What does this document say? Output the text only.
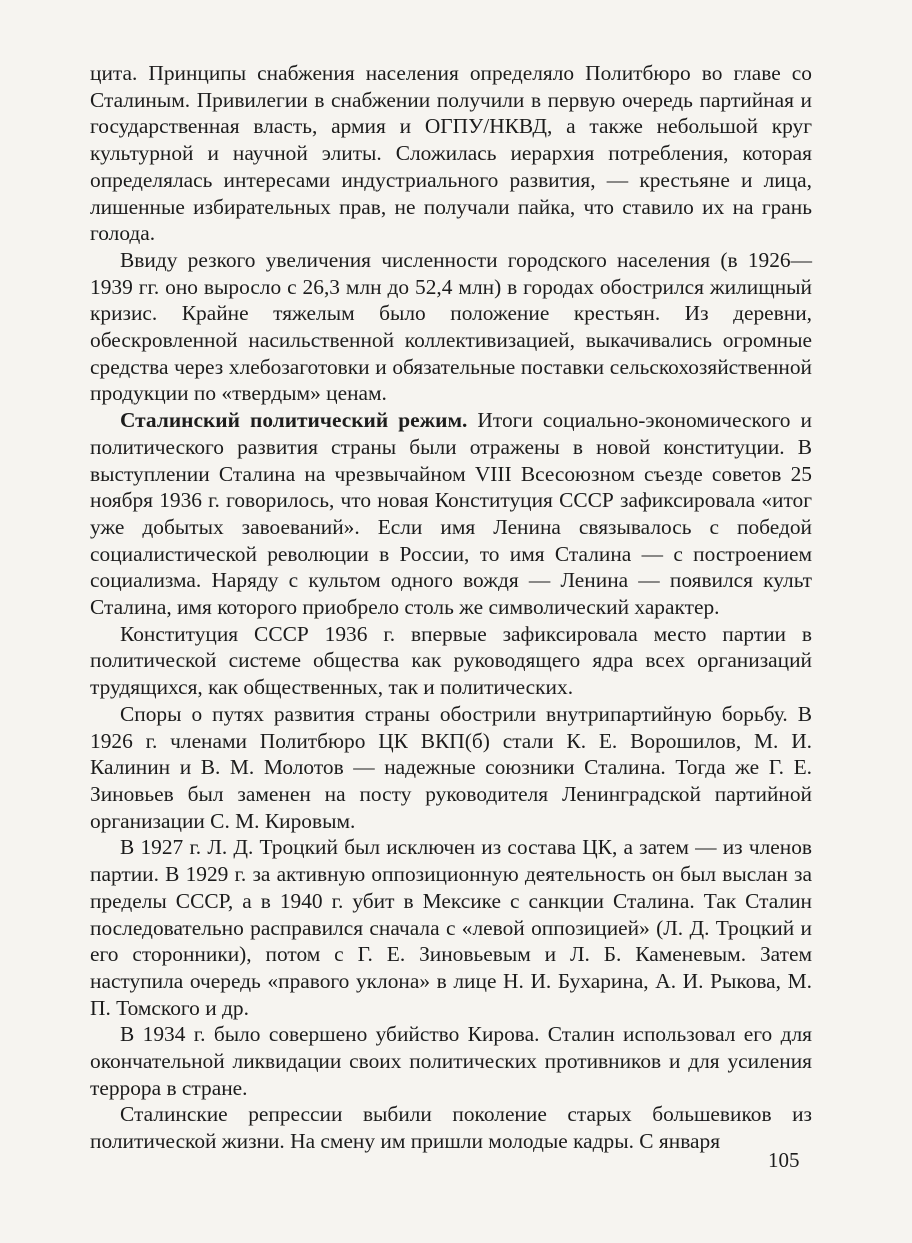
цита. Принципы снабжения населения определяло Политбюро во главе со Сталиным. Привилегии в снабжении получили в первую очередь партийная и государственная власть, армия и ОГПУ/НКВД, а также небольшой круг культурной и научной элиты. Сложилась иерархия потребления, которая определялась интересами индустриального развития, — крестьяне и лица, лишенные избирательных прав, не получали пайка, что ставило их на грань голода.

Ввиду резкого увеличения численности городского населения (в 1926—1939 гг. оно выросло с 26,3 млн до 52,4 млн) в городах обострился жилищный кризис. Крайне тяжелым было положение крестьян. Из деревни, обескровленной насильственной коллективизацией, выкачивались огромные средства через хлебозаготовки и обязательные поставки сельскохозяйственной продукции по «твердым» ценам.

Сталинский политический режим. Итоги социально-экономического и политического развития страны были отражены в новой конституции. В выступлении Сталина на чрезвычайном VIII Всесоюзном съезде советов 25 ноября 1936 г. говорилось, что новая Конституция СССР зафиксировала «итог уже добытых завоеваний». Если имя Ленина связывалось с победой социалистической революции в России, то имя Сталина — с построением социализма. Наряду с культом одного вождя — Ленина — появился культ Сталина, имя которого приобрело столь же символический характер.

Конституция СССР 1936 г. впервые зафиксировала место партии в политической системе общества как руководящего ядра всех организаций трудящихся, как общественных, так и политических.

Споры о путях развития страны обострили внутрипартийную борьбу. В 1926 г. членами Политбюро ЦК ВКП(б) стали К. Е. Ворошилов, М. И. Калинин и В. М. Молотов — надежные союзники Сталина. Тогда же Г. Е. Зиновьев был заменен на посту руководителя Ленинградской партийной организации С. М. Кировым.

В 1927 г. Л. Д. Троцкий был исключен из состава ЦК, а затем — из членов партии. В 1929 г. за активную оппозиционную деятельность он был выслан за пределы СССР, а в 1940 г. убит в Мексике с санкции Сталина. Так Сталин последовательно расправился сначала с «левой оппозицией» (Л. Д. Троцкий и его сторонники), потом с Г. Е. Зиновьевым и Л. Б. Каменевым. Затем наступила очередь «правого уклона» в лице Н. И. Бухарина, А. И. Рыкова, М. П. Томского и др.

В 1934 г. было совершено убийство Кирова. Сталин использовал его для окончательной ликвидации своих политических противников и для усиления террора в стране.

Сталинские репрессии выбили поколение старых большевиков из политической жизни. На смену им пришли молодые кадры. С января

105
